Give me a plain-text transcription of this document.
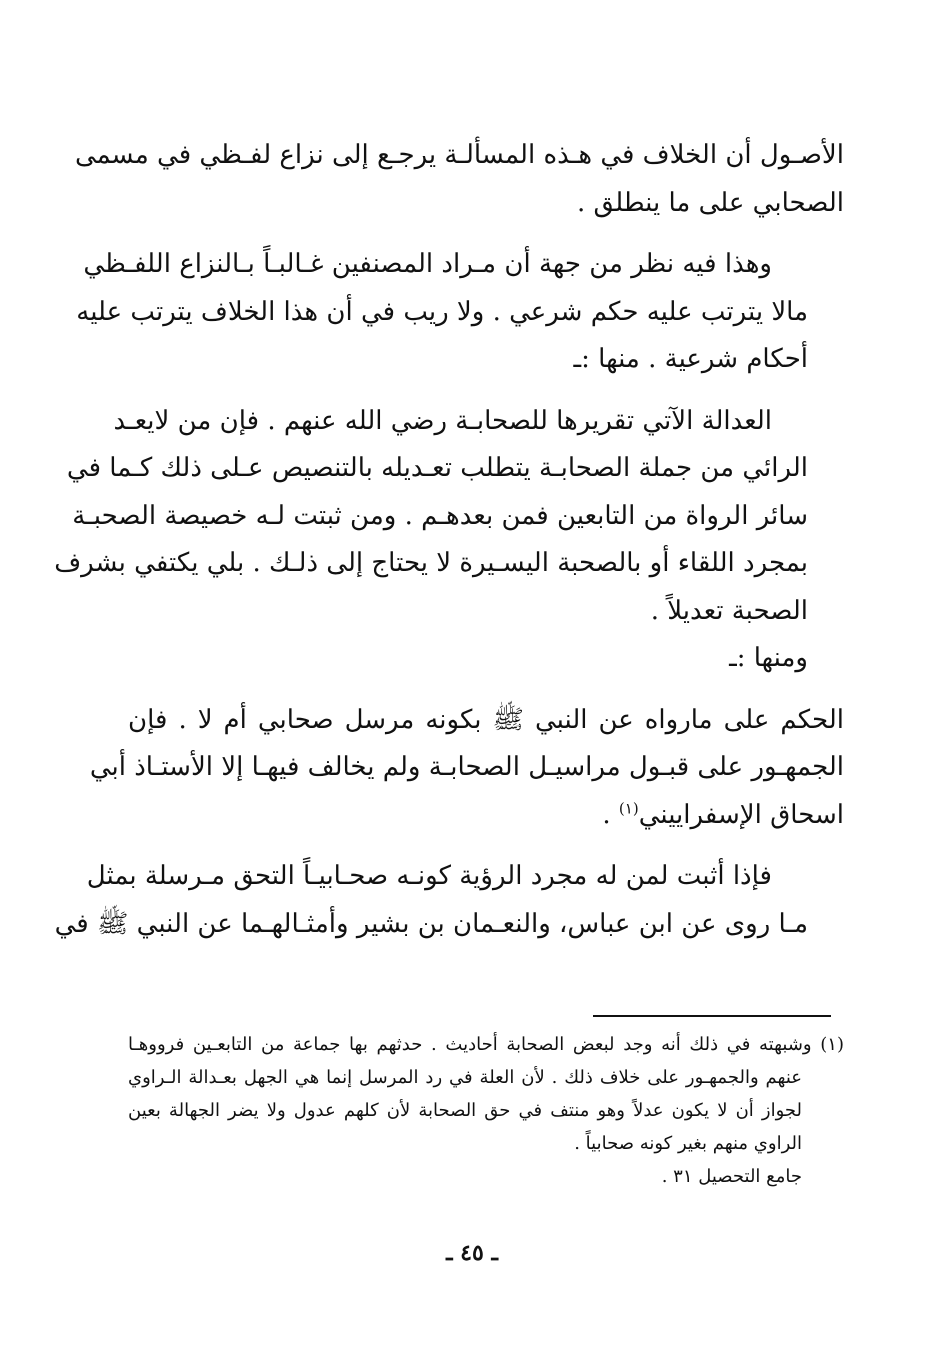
الأصـول أن الخلاف في هـذه المسألـة يرجـع إلى نزاع لفـظي في مسمى
الصحابي على ما ينطلق .

وهذا فيه نظر من جهة أن مـراد المصنفين غـالبـاً بـالنزاع اللفـظي
مالا يترتب عليه حكم شرعي . ولا ريب في أن هذا الخلاف يترتب عليه
أحكام شرعية . منها :ـ

العدالة الآتي تقريرها للصحابـة رضي الله عنهم . فإن من لايعـد
الرائي من جملة الصحابـة يتطلب تعـديله بالتنصيص عـلى ذلك كـما في
سائر الرواة من التابعين فمن بعدهـم . ومن ثبتت لـه خصيصة الصحبـة
بمجرد اللقاء أو بالصحبة اليسـيرة لا يحتاج إلى ذلـك . بلي يكتفي بشرف
الصحبة تعديلاً .

ومنها :ـ

الحكم على مارواه عن النبي ﷺ بكونه مرسل صحابي أم لا . فإن
الجمهـور على قبـول مراسيـل الصحابـة ولم يخالف فيهـا إلا الأستـاذ أبي
اسحاق الإسفراييني$^{(١)}$ .

فإذا أثبت لمن له مجرد الرؤية كونـه صحـابيـاً التحق مـرسلة بمثل
مـا روى عن ابن عباس، والنعـمان بن بشير وأمثـالهـما عن النبي ﷺ في

(١) وشبهته في ذلك أنه وجد لبعض الصحابة أحاديث . حدثهم بها جماعة من التابعـين فرووهـا
عنهم والجمهـور على خلاف ذلك . لأن العلة في رد المرسل إنما هي الجهل بعـدالة الـراوي
لجواز أن لا يكون عدلاً وهو منتف في حق الصحابة لأن كلهم عدول ولا يضر الجهالة بعين
الراوي منهم بغير كونه صحابياً .
جامع التحصيل ٣١ .
ـ ٤٥ ـ
